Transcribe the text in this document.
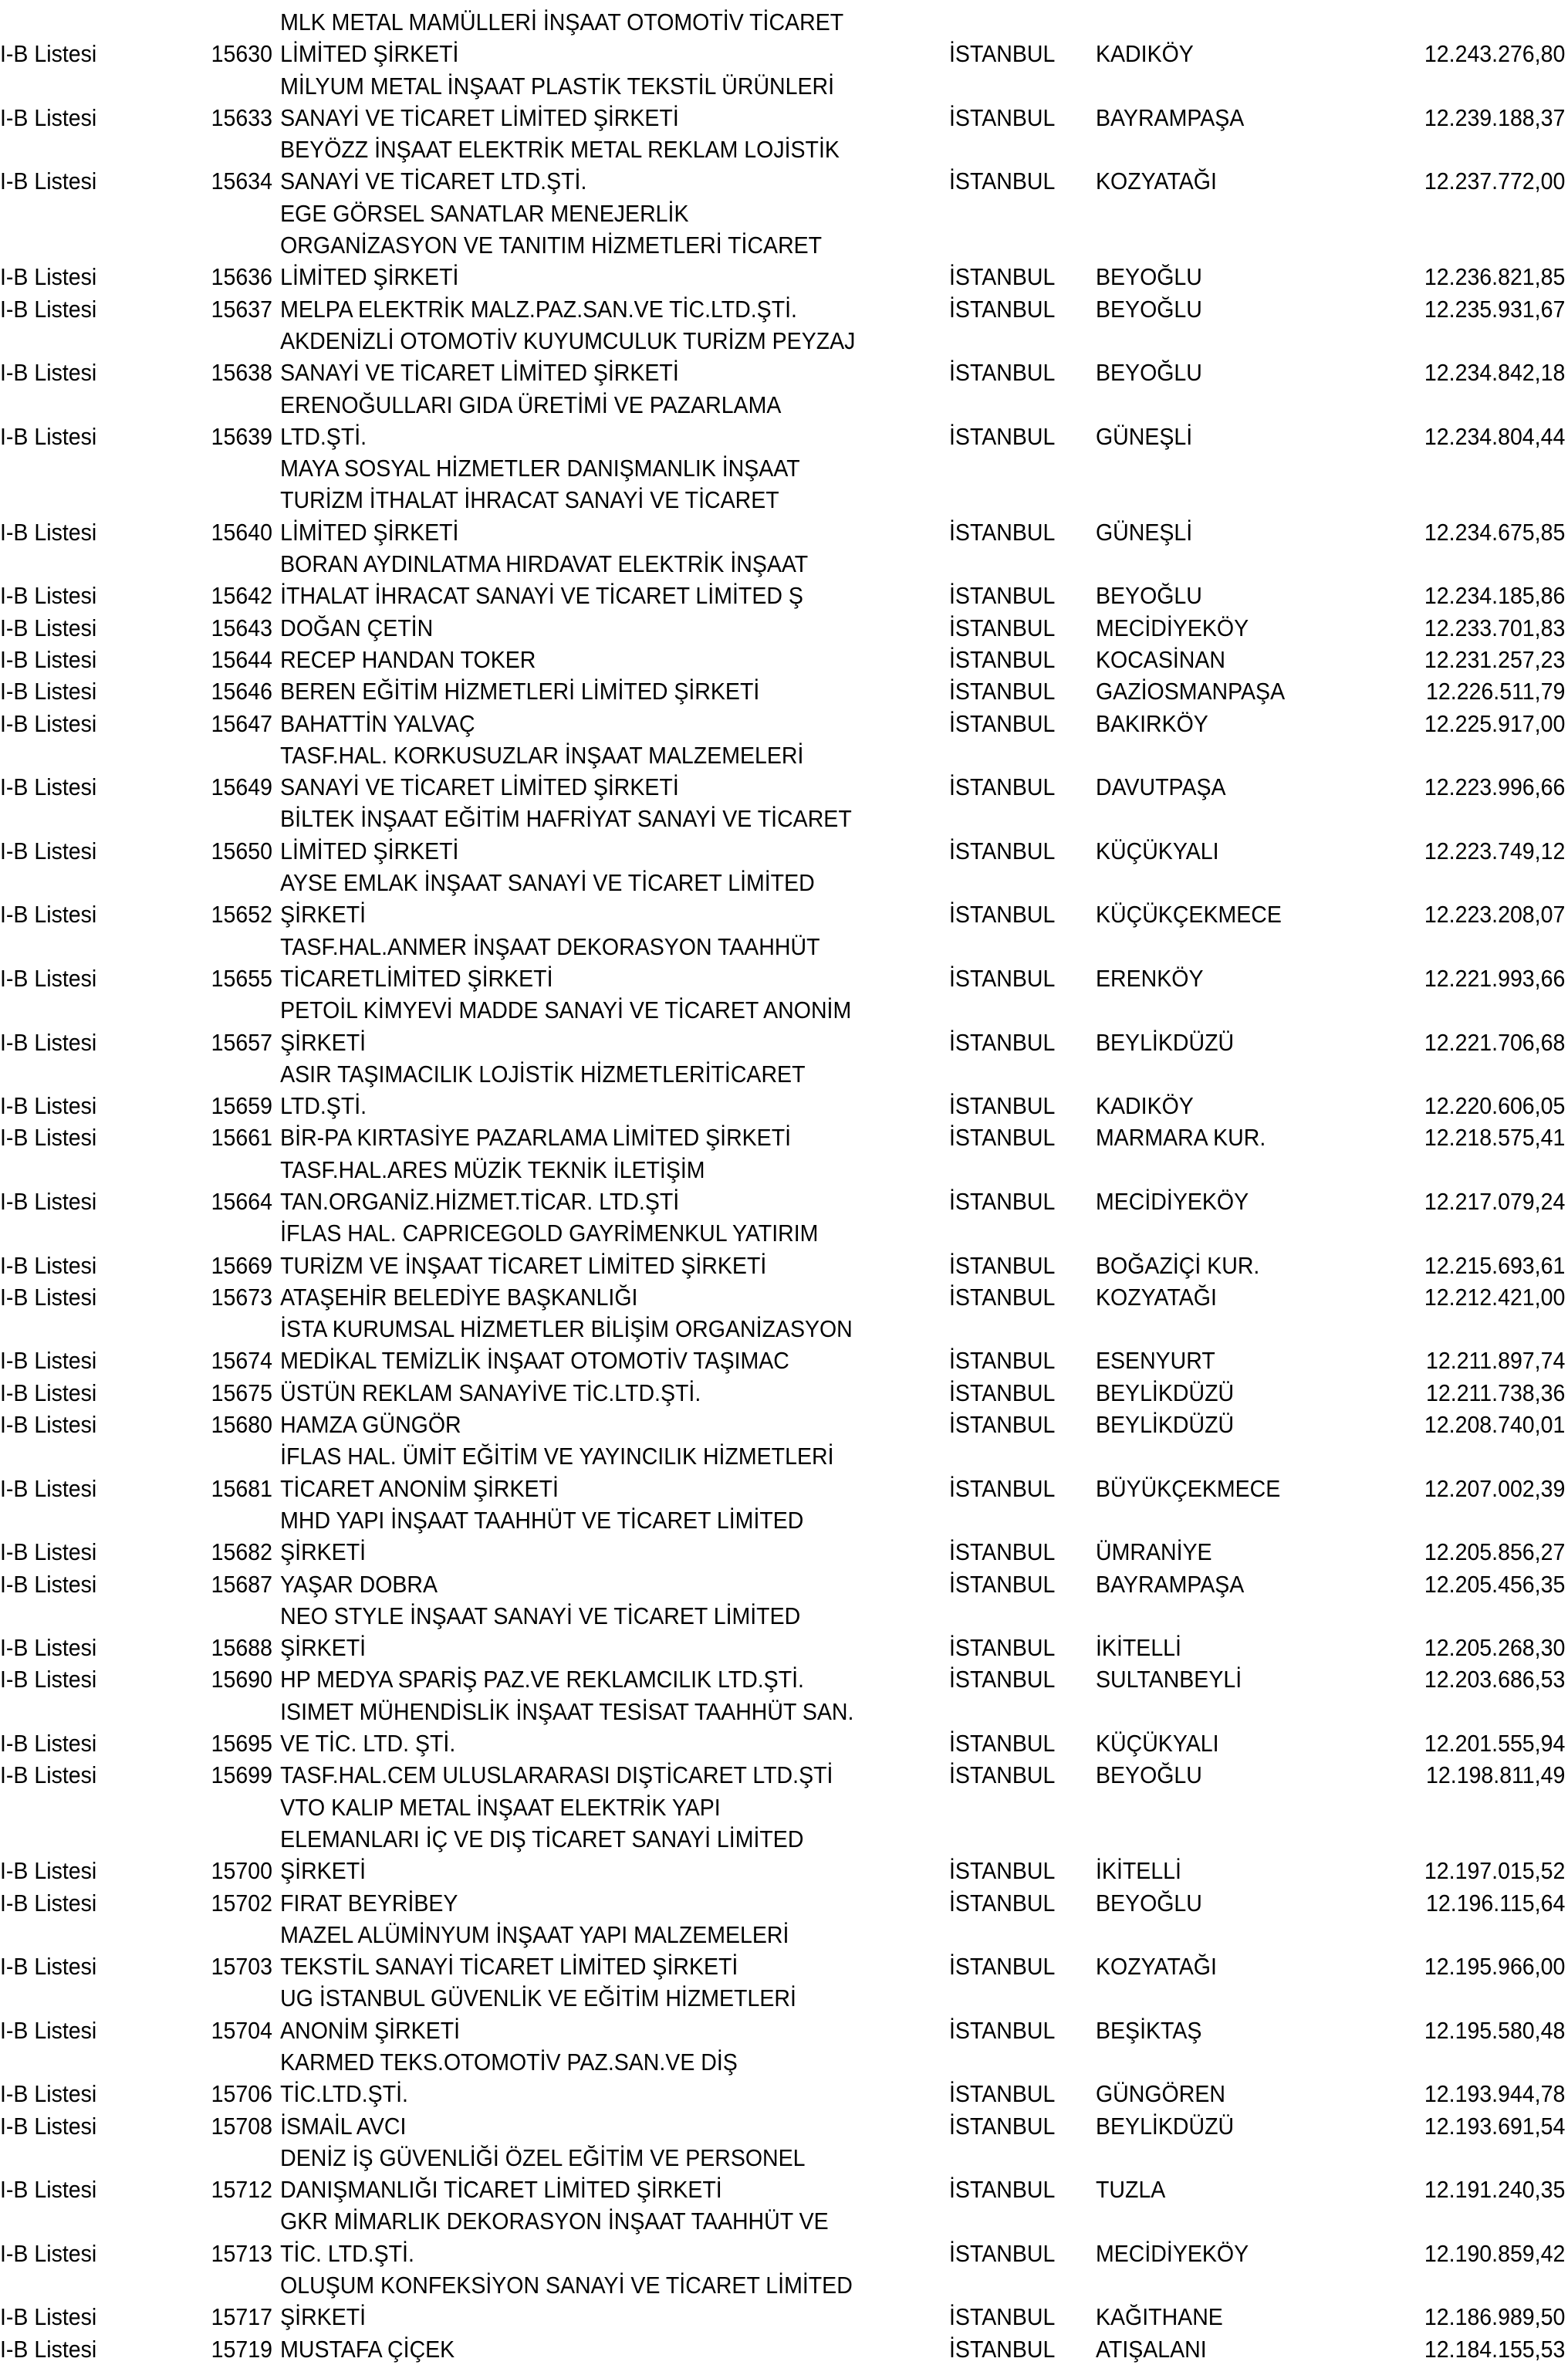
I-B Listesi	15630
MLK METAL MAMÜLLERİ İNŞAAT OTOMOTİV TİCARET
LİMİTED ŞİRKETİ	İSTANBUL	KADIKÖY	12.243.276,80
I-B Listesi	15633
MİLYUM METAL İNŞAAT PLASTİK TEKSTİL ÜRÜNLERİ
SANAYİ VE TİCARET LİMİTED ŞİRKETİ	İSTANBUL	BAYRAMPAŞA	12.239.188,37
I-B Listesi	15634
BEYÖZZ İNŞAAT ELEKTRİK METAL REKLAM LOJİSTİK
SANAYİ VE TİCARET LTD.ŞTİ.	İSTANBUL	KOZYATAĞI	12.237.772,00
I-B Listesi	15636
EGE GÖRSEL SANATLAR MENEJERLİK
ORGANİZASYON VE TANITIM HİZMETLERİ TİCARET
LİMİTED ŞİRKETİ	İSTANBUL	BEYOĞLU	12.236.821,85
I-B Listesi	15637 MELPA ELEKTRİK MALZ.PAZ.SAN.VE TİC.LTD.ŞTİ.	İSTANBUL	BEYOĞLU	12.235.931,67
I-B Listesi	15638
AKDENİZLİ OTOMOTİV KUYUMCULUK TURİZM PEYZAJ
SANAYİ VE TİCARET LİMİTED ŞİRKETİ	İSTANBUL	BEYOĞLU	12.234.842,18
I-B Listesi	15639
ERENOĞULLARI GIDA ÜRETİMİ VE PAZARLAMA
LTD.ŞTİ.	İSTANBUL	GÜNEŞLİ	12.234.804,44
I-B Listesi	15640
MAYA SOSYAL HİZMETLER DANIŞMANLIK İNŞAAT
TURİZM İTHALAT İHRACAT SANAYİ VE TİCARET
LİMİTED ŞİRKETİ	İSTANBUL	GÜNEŞLİ	12.234.675,85
I-B Listesi	15642
BORAN AYDINLATMA HIRDAVAT ELEKTRİK İNŞAAT
İTHALAT İHRACAT SANAYİ VE TİCARET LİMİTED Ş	İSTANBUL	BEYOĞLU	12.234.185,86
I-B Listesi	15643 DOĞAN ÇETİN	İSTANBUL	MECİDİYEKÖY	12.233.701,83
I-B Listesi	15644 RECEP HANDAN TOKER	İSTANBUL	KOCASİNAN	12.231.257,23
I-B Listesi	15646 BEREN EĞİTİM HİZMETLERİ LİMİTED ŞİRKETİ	İSTANBUL	GAZİOSMANPAŞA	12.226.511,79
I-B Listesi	15647 BAHATTİN YALVAÇ	İSTANBUL	BAKIRKÖY	12.225.917,00
I-B Listesi	15649
TASF.HAL. KORKUSUZLAR İNŞAAT MALZEMELERİ
SANAYİ VE TİCARET LİMİTED ŞİRKETİ	İSTANBUL	DAVUTPAŞA	12.223.996,66
I-B Listesi	15650
BİLTEK İNŞAAT EĞİTİM HAFRİYAT SANAYİ VE TİCARET
LİMİTED ŞİRKETİ	İSTANBUL	KÜÇÜKYALI	12.223.749,12
I-B Listesi	15652
AYSE EMLAK İNŞAAT SANAYİ VE TİCARET LİMİTED
ŞİRKETİ	İSTANBUL	KÜÇÜKÇEKMECE	12.223.208,07
I-B Listesi	15655
TASF.HAL.ANMER İNŞAAT DEKORASYON TAAHHÜT
TİCARETLİMİTED ŞİRKETİ	İSTANBUL	ERENKÖY	12.221.993,66
I-B Listesi	15657
PETOİL KİMYEVİ MADDE SANAYİ VE TİCARET ANONİM
ŞİRKETİ	İSTANBUL	BEYLİKDÜZÜ	12.221.706,68
I-B Listesi	15659
ASIR TAŞIMACILIK LOJİSTİK HİZMETLERİTİCARET
LTD.ŞTİ.	İSTANBUL	KADIKÖY	12.220.606,05
I-B Listesi	15661 BİR-PA KIRTASİYE PAZARLAMA LİMİTED ŞİRKETİ	İSTANBUL	MARMARA KUR.	12.218.575,41
I-B Listesi	15664
TASF.HAL.ARES MÜZİK TEKNİK İLETİŞİM
TAN.ORGANİZ.HİZMET.TİCAR. LTD.ŞTİ	İSTANBUL	MECİDİYEKÖY	12.217.079,24
I-B Listesi	15669
İFLAS HAL. CAPRICEGOLD GAYRİMENKUL YATIRIM
TURİZM VE İNŞAAT TİCARET LİMİTED ŞİRKETİ	İSTANBUL	BOĞAZİÇİ KUR.	12.215.693,61
I-B Listesi	15673 ATAŞEHİR BELEDİYE BAŞKANLIĞI	İSTANBUL	KOZYATAĞI	12.212.421,00
I-B Listesi	15674
İSTA KURUMSAL HİZMETLER BİLİŞİM ORGANİZASYON
MEDİKAL TEMİZLİK İNŞAAT OTOMOTİV TAŞIMAC	İSTANBUL	ESENYURT	12.211.897,74
I-B Listesi	15675 ÜSTÜN REKLAM SANAYİVE TİC.LTD.ŞTİ.	İSTANBUL	BEYLİKDÜZÜ	12.211.738,36
I-B Listesi	15680 HAMZA GÜNGÖR	İSTANBUL	BEYLİKDÜZÜ	12.208.740,01
I-B Listesi	15681
İFLAS HAL. ÜMİT EĞİTİM VE YAYINCILIK HİZMETLERİ
TİCARET ANONİM ŞİRKETİ	İSTANBUL	BÜYÜKÇEKMECE	12.207.002,39
I-B Listesi	15682
MHD YAPI İNŞAAT TAAHHÜT VE TİCARET LİMİTED
ŞİRKETİ	İSTANBUL	ÜMRANİYE	12.205.856,27
I-B Listesi	15687 YAŞAR DOBRA	İSTANBUL	BAYRAMPAŞA	12.205.456,35
I-B Listesi	15688
NEO STYLE İNŞAAT SANAYİ VE TİCARET LİMİTED
ŞİRKETİ	İSTANBUL	İKİTELLİ	12.205.268,30
I-B Listesi	15690 HP MEDYA SPARİŞ PAZ.VE REKLAMCILIK LTD.ŞTİ.	İSTANBUL	SULTANBEYLİ	12.203.686,53
I-B Listesi	15695
ISIMET MÜHENDİSLİK İNŞAAT TESİSAT TAAHHÜT SAN.
VE TİC. LTD. ŞTİ.	İSTANBUL	KÜÇÜKYALI	12.201.555,94
I-B Listesi	15699 TASF.HAL.CEM ULUSLARARASI DIŞTİCARET LTD.ŞTİ	İSTANBUL	BEYOĞLU	12.198.811,49
I-B Listesi	15700
VTO KALIP METAL İNŞAAT ELEKTRİK YAPI
ELEMANLARI İÇ VE DIŞ TİCARET SANAYİ LİMİTED
ŞİRKETİ	İSTANBUL	İKİTELLİ	12.197.015,52
I-B Listesi	15702 FIRAT BEYRİBEY	İSTANBUL	BEYOĞLU	12.196.115,64
I-B Listesi	15703
MAZEL ALÜMİNYUM İNŞAAT YAPI MALZEMELERİ
TEKSTİL SANAYİ TİCARET LİMİTED ŞİRKETİ	İSTANBUL	KOZYATAĞI	12.195.966,00
I-B Listesi	15704
UG İSTANBUL GÜVENLİK VE EĞİTİM HİZMETLERİ
ANONİM ŞİRKETİ	İSTANBUL	BEŞİKTAŞ	12.195.580,48
I-B Listesi	15706
KARMED TEKS.OTOMOTİV PAZ.SAN.VE DİŞ
TİC.LTD.ŞTİ.	İSTANBUL	GÜNGÖREN	12.193.944,78
I-B Listesi	15708 İSMAİL AVCI	İSTANBUL	BEYLİKDÜZÜ	12.193.691,54
I-B Listesi	15712
DENİZ İŞ GÜVENLİĞİ ÖZEL EĞİTİM VE PERSONEL
DANIŞMANLIĞI TİCARET LİMİTED ŞİRKETİ	İSTANBUL	TUZLA	12.191.240,35
I-B Listesi	15713
GKR MİMARLIK DEKORASYON İNŞAAT TAAHHÜT VE
TİC. LTD.ŞTİ.	İSTANBUL	MECİDİYEKÖY	12.190.859,42
I-B Listesi	15717
OLUŞUM KONFEKSİYON SANAYİ VE TİCARET LİMİTED
ŞİRKETİ	İSTANBUL	KAĞITHANE	12.186.989,50
I-B Listesi	15719 MUSTAFA ÇİÇEK	İSTANBUL	ATIŞALANI	12.184.155,53
